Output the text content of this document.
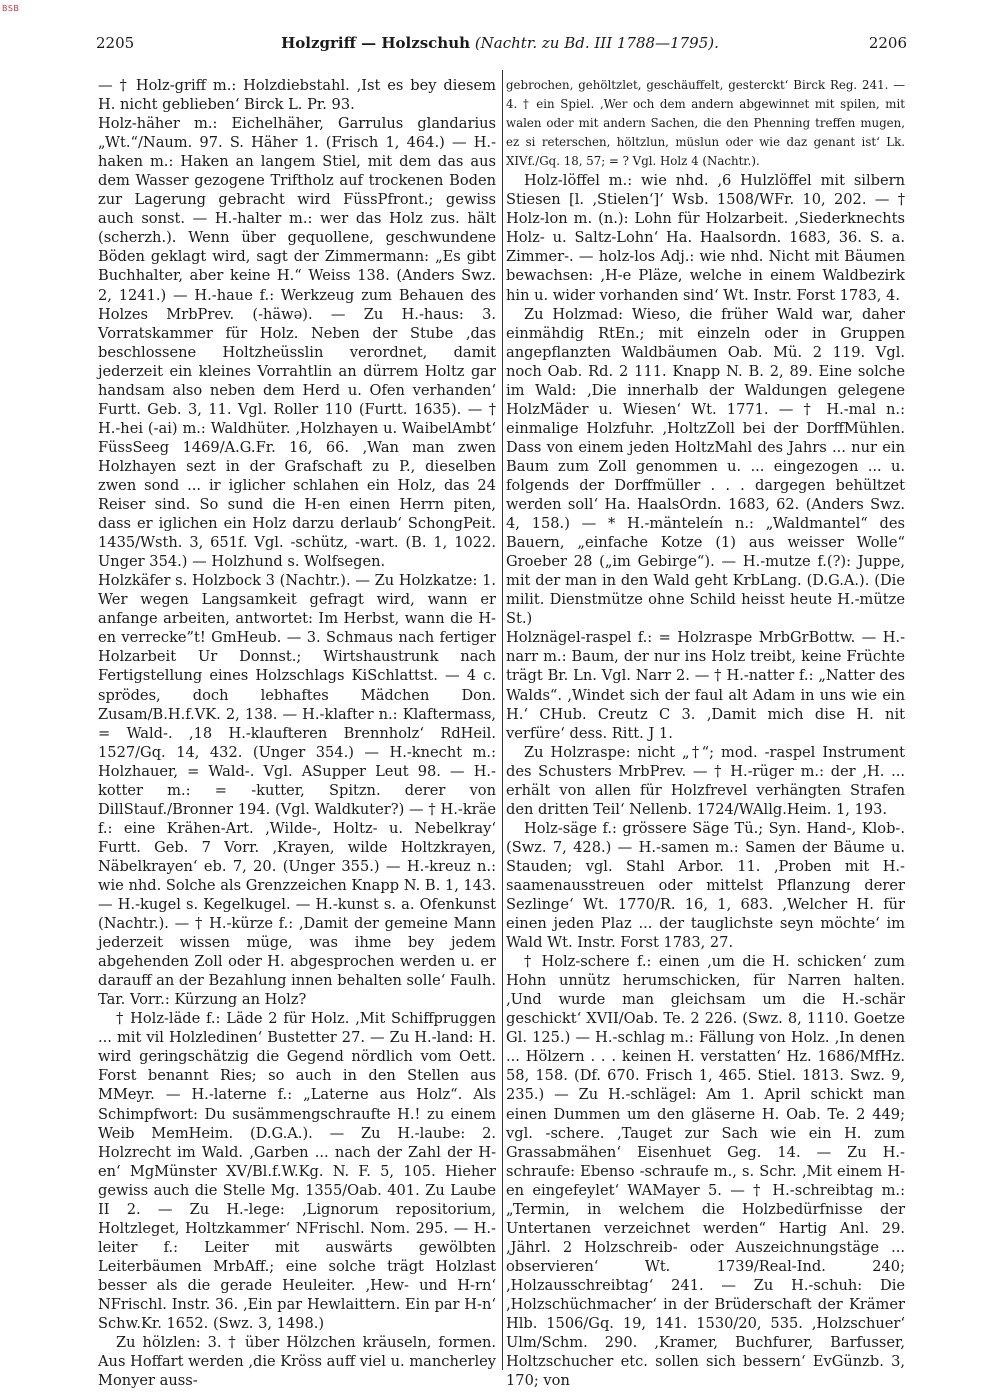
BSB
2205	Holzgriff — Holzschuh (Nachtr. zu Bd. III 1788—1795).	2206

— † Holz-griff m.: Holzdiebstahl. ‚Ist es bey diesem H. nicht geblieben‘ Birck L. Pr. 93.

Holz-häher m.: Eichelhäher, Garrulus glandarius „Wt.“/Naum. 97. S. Häher 1. (Frisch 1, 464.) — H.-haken m.: Haken an langem Stiel, mit dem das aus dem Wasser gezogene Triftholz auf trockenen Boden zur Lagerung gebracht wird FüssPfront.; gewiss auch sonst. — H.-halter m.: wer das Holz zus. hält (scherzh.). Wenn über gequollene, geschwundene Böden geklagt wird, sagt der Zimmermann: „Es gibt Buchhalter, aber keine H.“ Weiss 138. (Anders Swz. 2, 1241.) — H.-haue f.: Werkzeug zum Behauen des Holzes MrbPrev. (-häwə). — Zu H.-haus: 3. Vorratskammer für Holz. Neben der Stube ‚das beschlossene Holtzheüsslin verordnet, damit jederzeit ein kleines Vorrahtlin an dürrem Holtz gar handsam also neben dem Herd u. Ofen verhanden‘ Furtt. Geb. 3, 11. Vgl. Roller 110 (Furtt. 1635). — † H.-hei (-ai) m.: Waldhüter. ‚Holzhayen u. WaibelAmbt‘ FüssSeeg 1469/A.G.Fr. 16, 66. ‚Wan man zwen Holzhayen sezt in der Grafschaft zu P., dieselben zwen sond ... ir iglicher schlahen ein Holz, das 24 Reiser sind. So sund die H-en einen Herrn piten, dass er iglichen ein Holz darzu derlaub‘ SchongPeit. 1435/Wsth. 3, 651f. Vgl. -schütz, -wart. (B. 1, 1022. Unger 354.) — Holzhund s. Wolfsegen.

Holzkäfer s. Holzbock 3 (Nachtr.). — Zu Holzkatze: 1. Wer wegen Langsamkeit gefragt wird, wann er anfange arbeiten, antwortet: Im Herbst, wann die H-en verrecke”t! GmHeub. — 3. Schmaus nach fertiger Holzarbeit Ur Donnst.; Wirtshaustrunk nach Fertigstellung eines Holzschlags KiSchlattst. — 4 c. sprödes, doch lebhaftes Mädchen Don. Zusam/B.H.f.VK. 2, 138. — H.-klafter n.: Klaftermass, = Wald-. ‚18 H.-klaufteren Brennholz‘ RdHeil. 1527/Gq. 14, 432. (Unger 354.) — H.-knecht m.: Holzhauer, = Wald-. Vgl. ASupper Leut 98. — H.-kotter m.: = -kutter, Spitzn. derer von DillStauf./Bronner 194. (Vgl. Waldkuter?) — † H.-kräe f.: eine Krähen-Art. ‚Wilde-, Holtz- u. Nebelkray‘ Furtt. Geb. 7 Vorr. ‚Krayen, wilde Holtzkrayen, Näbelkrayen‘ eb. 7, 20. (Unger 355.) — H.-kreuz n.: wie nhd. Solche als Grenzzeichen Knapp N. B. 1, 143. — H.-kugel s. Kegelkugel. — H.-kunst s. a. Ofenkunst (Nachtr.). — † H.-kürze f.: ‚Damit der gemeine Mann jederzeit wissen müge, was ihme bey jedem abgehenden Zoll oder H. abgesprochen werden u. er darauff an der Bezahlung innen behalten solle‘ Faulh. Tar. Vorr.: Kürzung an Holz?

† Holz-läde f.: Läde 2 für Holz. ‚Mit Schiffpruggen ... mit vil Holzledinen‘ Bustetter 27. — Zu H.-land: H. wird geringschätzig die Gegend nördlich vom Oett. Forst benannt Ries; so auch in den Stellen aus MMeyr. — H.-laterne f.: „Laterne aus Holz“. Als Schimpfwort: Du susämmengschraufte H.! zu einem Weib MemHeim. (D.G.A.). — Zu H.-laube: 2. Holzrecht im Wald. ‚Garben ... nach der Zahl der H-en‘ MgMünster XV/Bl.f.W.Kg. N. F. 5, 105. Hieher gewiss auch die Stelle Mg. 1355/Oab. 401. Zu Laube II 2. — Zu H.-lege: ‚Lignorum repositorium, Holtzleget, Holtzkammer‘ NFrischl. Nom. 295. — H.-leiter f.: Leiter mit auswärts gewölbten Leiterbäumen MrbAff.; eine solche trägt Holzlast besser als die gerade Heuleiter. ‚Hew- und H-rn‘ NFrischl. Instr. 36. ‚Ein par Hewlaittern. Ein par H-n‘ Schw.Kr. 1652. (Swz. 3, 1498.)

Zu hölzlen: 3. † über Hölzchen kräuseln, formen. Aus Hoffart werden ‚die Kröss auff viel u. mancherley Monyer auss-

gebrochen, gehöltzlet, geschäuffelt, gesterckt‘ Birck Reg. 241. — 4. † ein Spiel. ‚Wer och dem andern abgewinnet mit spilen, mit walen oder mit andern Sachen, die den Phenning treffen mugen, ez si reterschen, höltzlun, müslun oder wie daz genant ist‘ Lk. XIVf./Gq. 18, 57; = ? Vgl. Holz 4 (Nachtr.).

Holz-löffel m.: wie nhd. ‚6 Hulzlöffel mit silbern Stiesen [l. ‚Stielen‘]‘ Wsb. 1508/WFr. 10, 202. — † Holz-lon m. (n.): Lohn für Holzarbeit. ‚Siederknechts Holz- u. Saltz-Lohn‘ Ha. Haalsordn. 1683, 36. S. a. Zimmer-. — holz-los Adj.: wie nhd. Nicht mit Bäumen bewachsen: ‚H-e Pläze, welche in einem Waldbezirk hin u. wider vorhanden sind‘ Wt. Instr. Forst 1783, 4.

Zu Holzmad: Wieso, die früher Wald war, daher einmähdig RtEn.; mit einzeln oder in Gruppen angepflanzten Waldbäumen Oab. Mü. 2 119. Vgl. noch Oab. Rd. 2 111. Knapp N. B. 2, 89. Eine solche im Wald: ‚Die innerhalb der Waldungen gelegene HolzMäder u. Wiesen‘ Wt. 1771. — † H.-mal n.: einmalige Holzfuhr. ‚HoltzZoll bei der DorffMühlen. Dass von einem jeden HoltzMahl des Jahrs ... nur ein Baum zum Zoll genommen u. ... eingezogen ... u. folgends der Dorffmüller . . . dargegen behültzet werden soll‘ Ha. HaalsOrdn. 1683, 62. (Anders Swz. 4, 158.) — * H.-mänteleín n.: „Waldmantel“ des Bauern, „einfache Kotze (1) aus weisser Wolle“ Groeber 28 („im Gebirge“). — H.-mutze f.(?): Juppe, mit der man in den Wald geht KrbLang. (D.G.A.). (Die milit. Dienstmütze ohne Schild heisst heute H.-mütze St.)

Holznägel-raspel f.: = Holzraspe MrbGrBottw. — H.-narr m.: Baum, der nur ins Holz treibt, keine Früchte trägt Br. Ln. Vgl. Narr 2. — † H.-natter f.: „Natter des Walds“. ‚Windet sich der faul alt Adam in uns wie ein H.‘ CHub. Creutz C 3. ‚Damit mich dise H. nit verfüre‘ dess. Ritt. J 1.

Zu Holzraspe: nicht „†“; mod. -raspel Instrument des Schusters MrbPrev. — † H.-rüger m.: der ‚H. ... erhält von allen für Holzfrevel verhängten Strafen den dritten Teil‘ Nellenb. 1724/WAllg.Heim. 1, 193.

Holz-säge f.: grössere Säge Tü.; Syn. Hand-, Klob-. (Swz. 7, 428.) — H.-samen m.: Samen der Bäume u. Stauden; vgl. Stahl Arbor. 11. ‚Proben mit H.-saamenausstreuen oder mittelst Pflanzung derer Sezlinge‘ Wt. 1770/R. 16, 1, 683. ‚Welcher H. für einen jeden Plaz ... der tauglichste seyn möchte‘ im Wald Wt. Instr. Forst 1783, 27.

† Holz-schere f.: einen ‚um die H. schicken‘ zum Hohn unnütz herumschicken, für Narren halten. ‚Und wurde man gleichsam um die H.-schär geschickt‘ XVII/Oab. Te. 2 226. (Swz. 8, 1110. Goetze Gl. 125.) — H.-schlag m.: Fällung von Holz. ‚In denen ... Hölzern . . . keinen H. verstatten‘ Hz. 1686/MfHz. 58, 158. (Df. 670. Frisch 1, 465. Stiel. 1813. Swz. 9, 235.) — Zu H.-schlägel: Am 1. April schickt man einen Dummen um den gläserne H. Oab. Te. 2 449; vgl. -schere. ‚Tauget zur Sach wie ein H. zum Grassabmähen‘ Eisenhuet Geg. 14. — Zu H.-schraufe: Ebenso -schraufe m., s. Schr. ‚Mit einem H-en eingefeylet‘ WAMayer 5. — † H.-schreibtag m.: „Termin, in welchem die Holzbedürfnisse der Untertanen verzeichnet werden“ Hartig Anl. 29. ‚Jährl. 2 Holzschreib- oder Auszeichnungstäge ... observieren‘ Wt. 1739/Real-Ind. 240; ‚Holzausschreibtag‘ 241. — Zu H.-schuh: Die ‚Holzschüchmacher‘ in der Brüderschaft der Krämer Hlb. 1506/Gq. 19, 141. 1530/20, 535. ‚Holzschuer‘ Ulm/Schm. 290. ‚Kramer, Buchfurer, Barfusser, Holtzschucher etc. sollen sich bessern‘ EvGünzb. 3, 170; von
